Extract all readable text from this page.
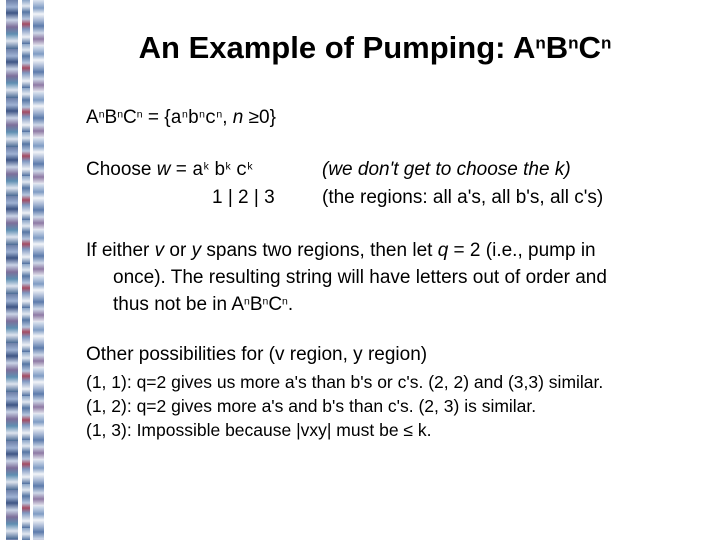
An Example of Pumping: $A^nB^nC^n$
$A^nB^nC^n = \{a^nb^nc^n$, n ≥0}
Choose $w = a^k$ $b^k$ $c^k$	(we don't get to choose the k)
1 | 2 | 3 (the regions: all a's, all b's, all c's)
If either v or y spans two regions, then let q = 2 (i.e., pump in
once). The resulting string will have letters out of order and
thus not be in $A^nB^nC^n$.
Other possibilities for (v region, y region)
(1, 1): q=2 gives us more a's than b's or c's. (2, 2) and (3,3) similar.
(1, 2): q=2 gives more a's and b's than c's. (2, 3) is similar.
(1, 3): Impossible because |vxy| must be ≤ k.
